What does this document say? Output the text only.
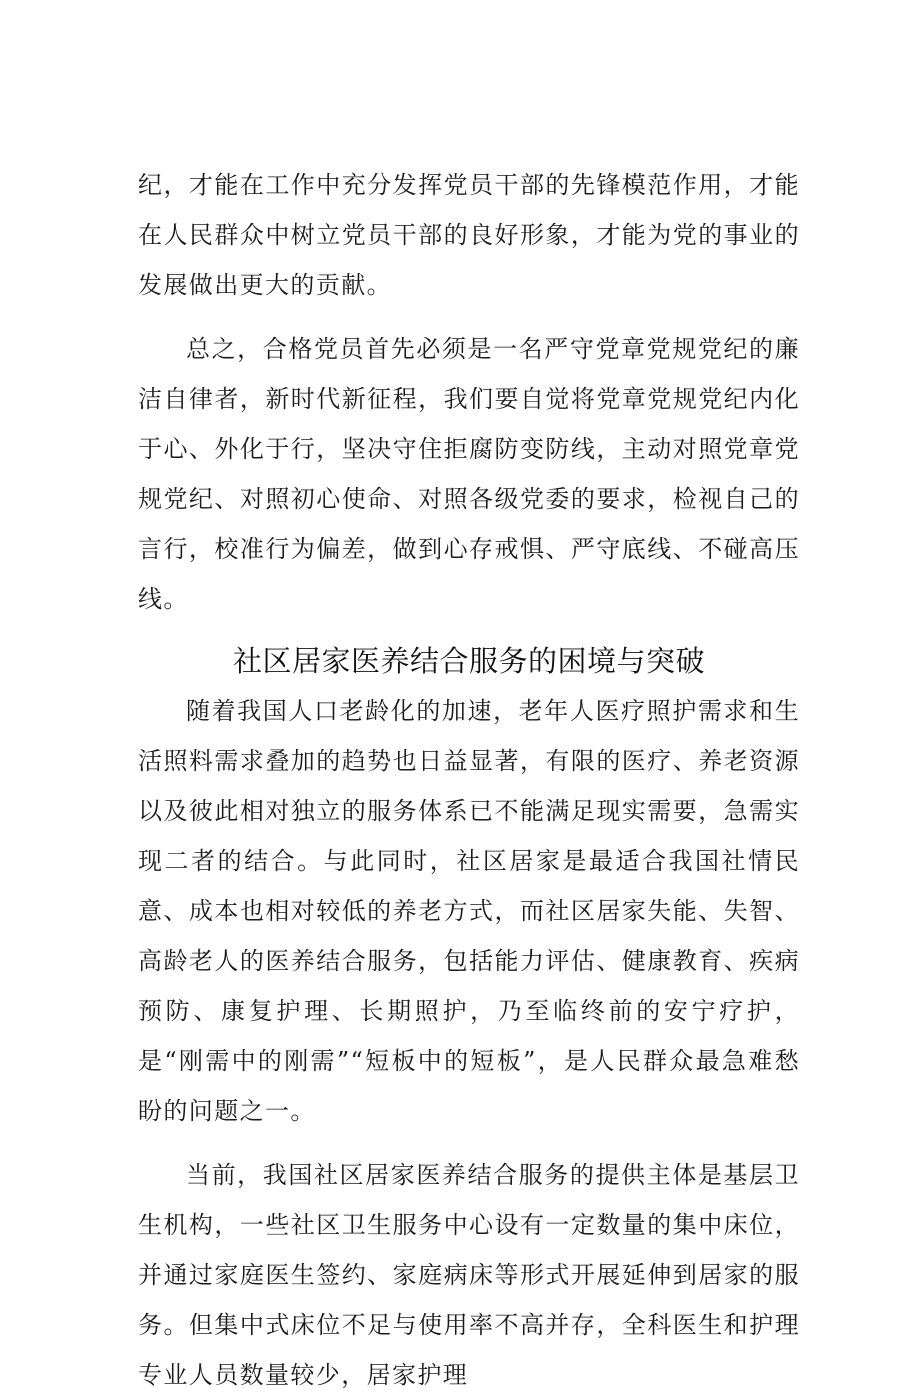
纪，才能在工作中充分发挥党员干部的先锋模范作用，才能在人民群众中树立党员干部的良好形象，才能为党的事业的发展做出更大的贡献。

总之，合格党员首先必须是一名严守党章党规党纪的廉洁自律者，新时代新征程，我们要自觉将党章党规党纪内化于心、外化于行，坚决守住拒腐防变防线，主动对照党章党规党纪、对照初心使命、对照各级党委的要求，检视自己的言行，校准行为偏差，做到心存戒惧、严守底线、不碰高压线。

社区居家医养结合服务的困境与突破

随着我国人口老龄化的加速，老年人医疗照护需求和生活照料需求叠加的趋势也日益显著，有限的医疗、养老资源以及彼此相对独立的服务体系已不能满足现实需要，急需实现二者的结合。与此同时，社区居家是最适合我国社情民意、成本也相对较低的养老方式，而社区居家失能、失智、高龄老人的医养结合服务，包括能力评估、健康教育、疾病预防、康复护理、长期照护，乃至临终前的安宁疗护，是“刚需中的刚需”“短板中的短板”，是人民群众最急难愁盼的问题之一。

当前，我国社区居家医养结合服务的提供主体是基层卫生机构，一些社区卫生服务中心设有一定数量的集中床位，并通过家庭医生签约、家庭病床等形式开展延伸到居家的服务。但集中式床位不足与使用率不高并存，全科医生和护理专业人员数量较少，居家护理
